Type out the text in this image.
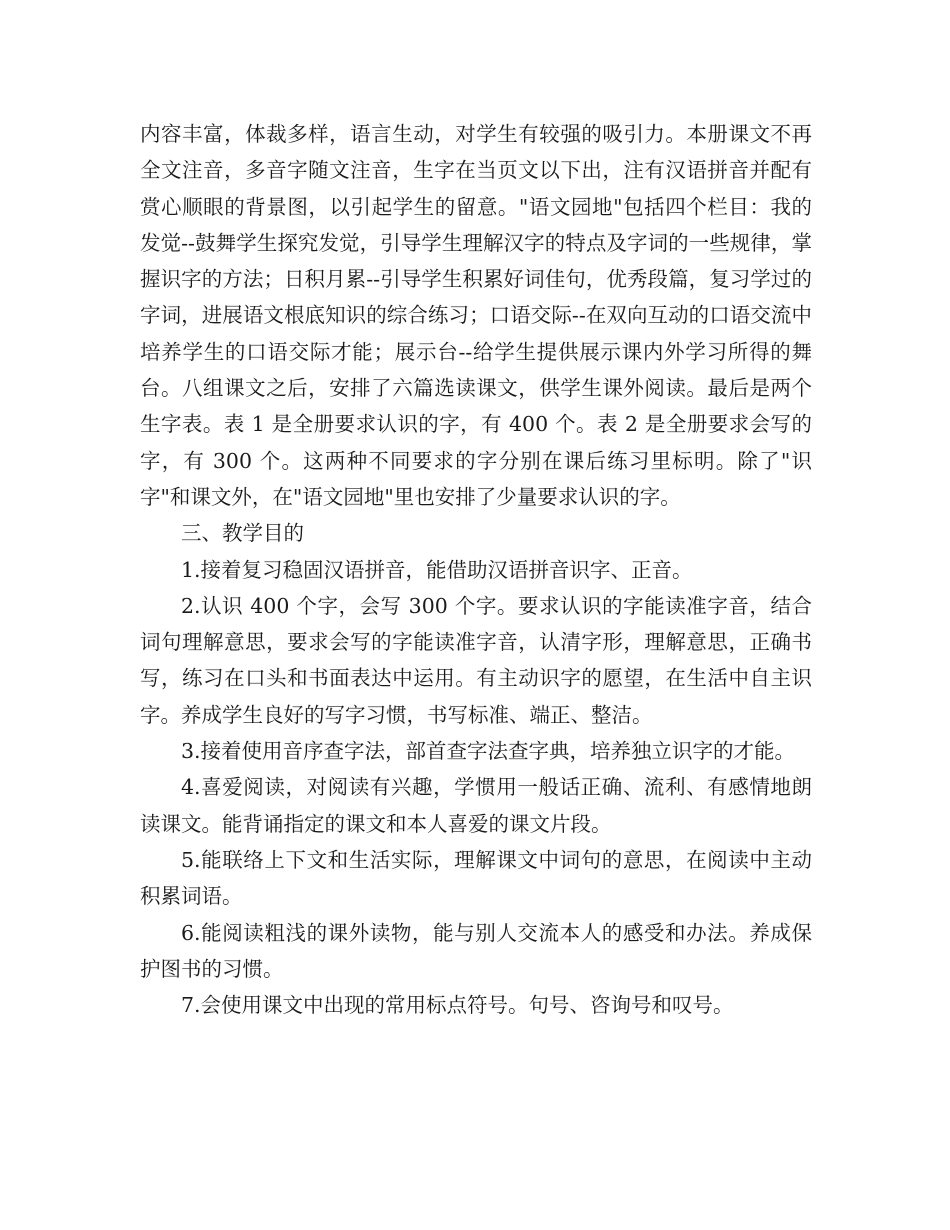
内容丰富，体裁多样，语言生动，对学生有较强的吸引力。本册课文不再全文注音，多音字随文注音，生字在当页文以下出，注有汉语拼音并配有赏心顺眼的背景图，以引起学生的留意。"语文园地"包括四个栏目：我的发觉--鼓舞学生探究发觉，引导学生理解汉字的特点及字词的一些规律，掌握识字的方法；日积月累--引导学生积累好词佳句，优秀段篇，复习学过的字词，进展语文根底知识的综合练习；口语交际--在双向互动的口语交流中培养学生的口语交际才能；展示台--给学生提供展示课内外学习所得的舞台。八组课文之后，安排了六篇选读课文，供学生课外阅读。最后是两个生字表。表 1 是全册要求认识的字，有 400 个。表 2 是全册要求会写的字，有 300 个。这两种不同要求的字分别在课后练习里标明。除了"识字"和课文外，在"语文园地"里也安排了少量要求认识的字。

三、教学目的

1.接着复习稳固汉语拼音，能借助汉语拼音识字、正音。

2.认识 400 个字，会写 300 个字。要求认识的字能读准字音，结合词句理解意思，要求会写的字能读准字音，认清字形，理解意思，正确书写，练习在口头和书面表达中运用。有主动识字的愿望，在生活中自主识字。养成学生良好的写字习惯，书写标准、端正、整洁。

3.接着使用音序查字法，部首查字法查字典，培养独立识字的才能。

4.喜爱阅读，对阅读有兴趣，学惯用一般话正确、流利、有感情地朗读课文。能背诵指定的课文和本人喜爱的课文片段。

5.能联络上下文和生活实际，理解课文中词句的意思，在阅读中主动积累词语。

6.能阅读粗浅的课外读物，能与别人交流本人的感受和办法。养成保护图书的习惯。

7.会使用课文中出现的常用标点符号。句号、咨询号和叹号。
